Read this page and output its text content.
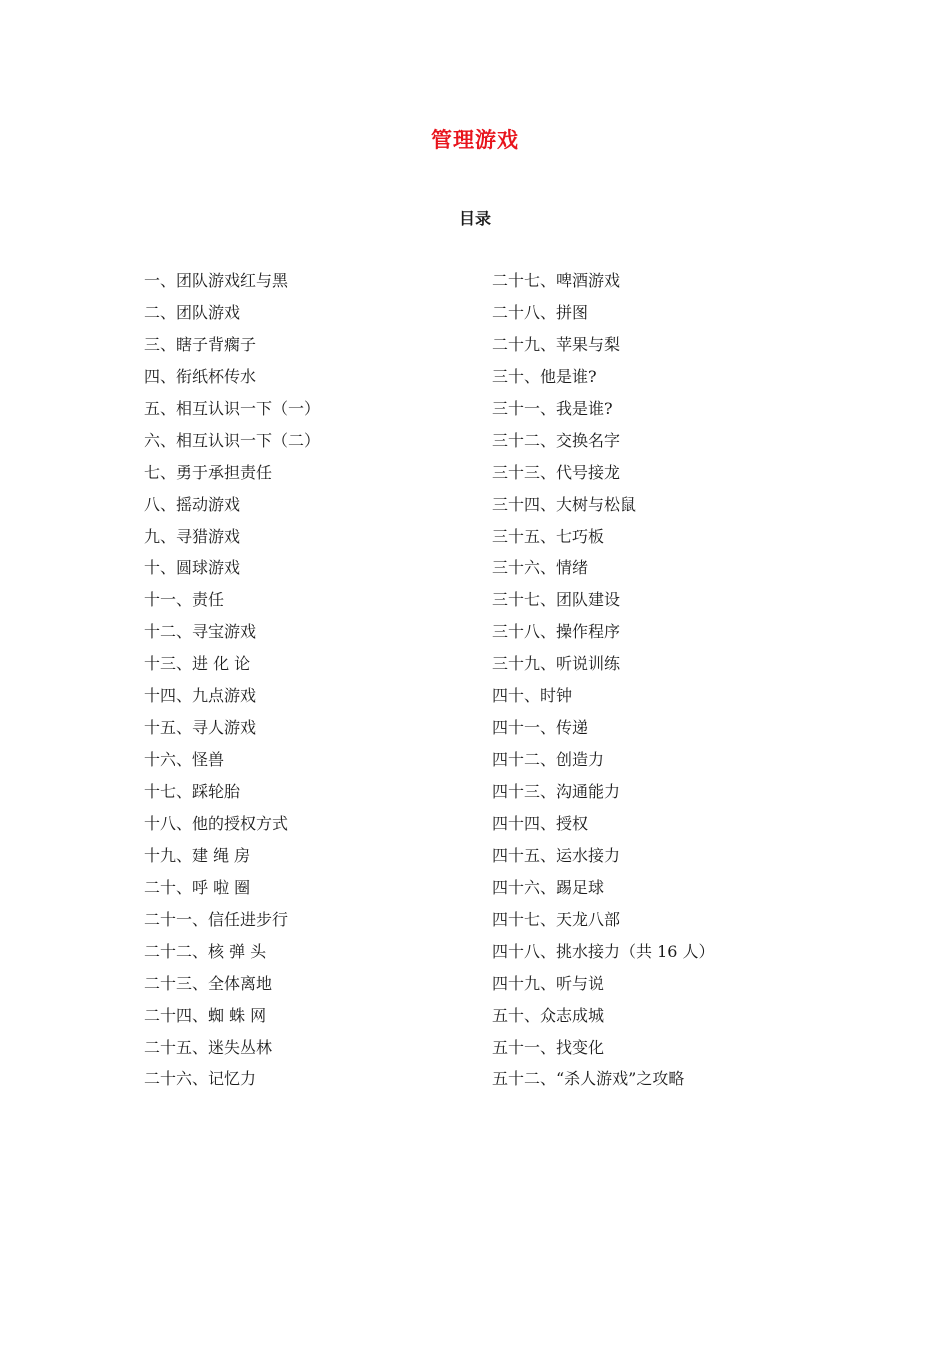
管理游戏
目录
一、团队游戏红与黑
二、团队游戏
三、瞎子背瘸子
四、衔纸杯传水
五、相互认识一下（一）
六、相互认识一下（二）
七、勇于承担责任
八、摇动游戏
九、寻猎游戏
十、圆球游戏
十一、责任
十二、寻宝游戏
十三、进 化 论
十四、九点游戏
十五、寻人游戏
十六、怪兽
十七、踩轮胎
十八、他的授权方式
十九、建 绳 房
二十、呼 啦 圈
二十一、信任进步行
二十二、核 弹 头
二十三、全体离地
二十四、蜘 蛛 网
二十五、迷失丛林
二十六、记忆力
二十七、啤酒游戏
二十八、拼图
二十九、苹果与梨
三十、他是谁?
三十一、我是谁?
三十二、交换名字
三十三、代号接龙
三十四、大树与松鼠
三十五、七巧板
三十六、情绪
三十七、团队建设
三十八、操作程序
三十九、听说训练
四十、时钟
四十一、传递
四十二、创造力
四十三、沟通能力
四十四、授权
四十五、运水接力
四十六、踢足球
四十七、天龙八部
四十八、挑水接力（共 16 人）
四十九、听与说
五十、众志成城
五十一、找变化
五十二、“杀人游戏”之攻略
